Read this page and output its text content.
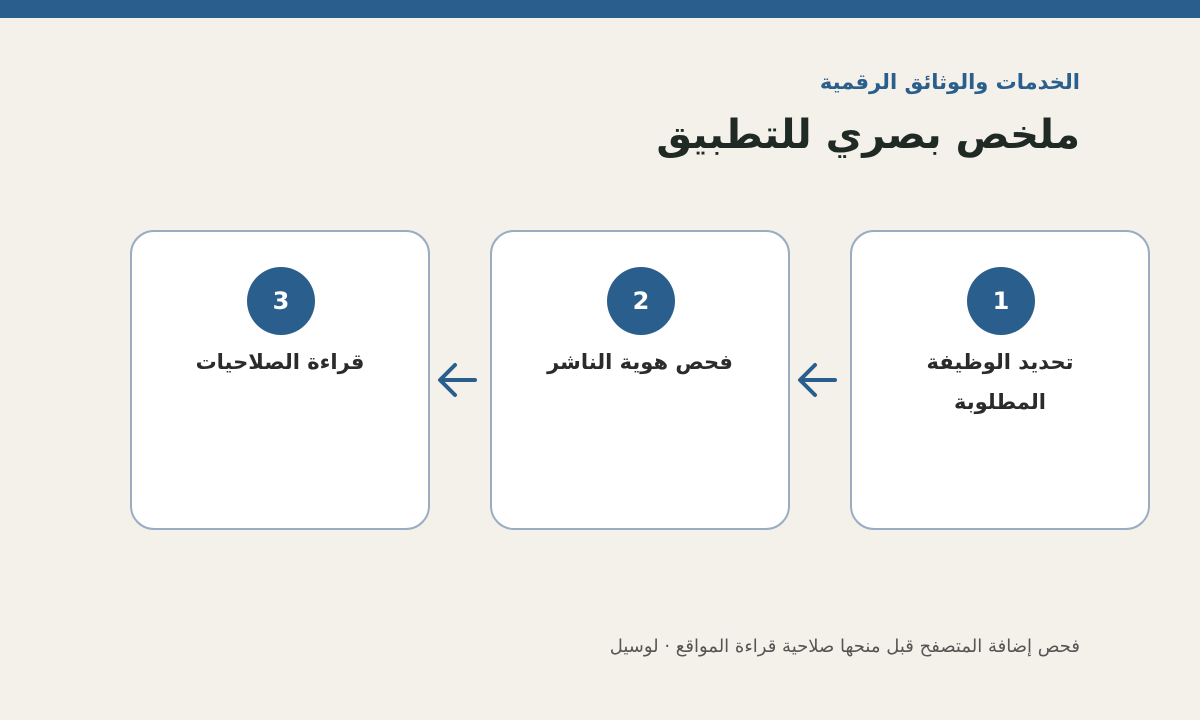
الخدمات والوثائق الرقمية
ملخص بصري للتطبيق
1
تحديد الوظيفة المطلوبة
2
فحص هوية الناشر
3
قراءة الصلاحيات
فحص إضافة المتصفح قبل منحها صلاحية قراءة المواقع · لوسيل
